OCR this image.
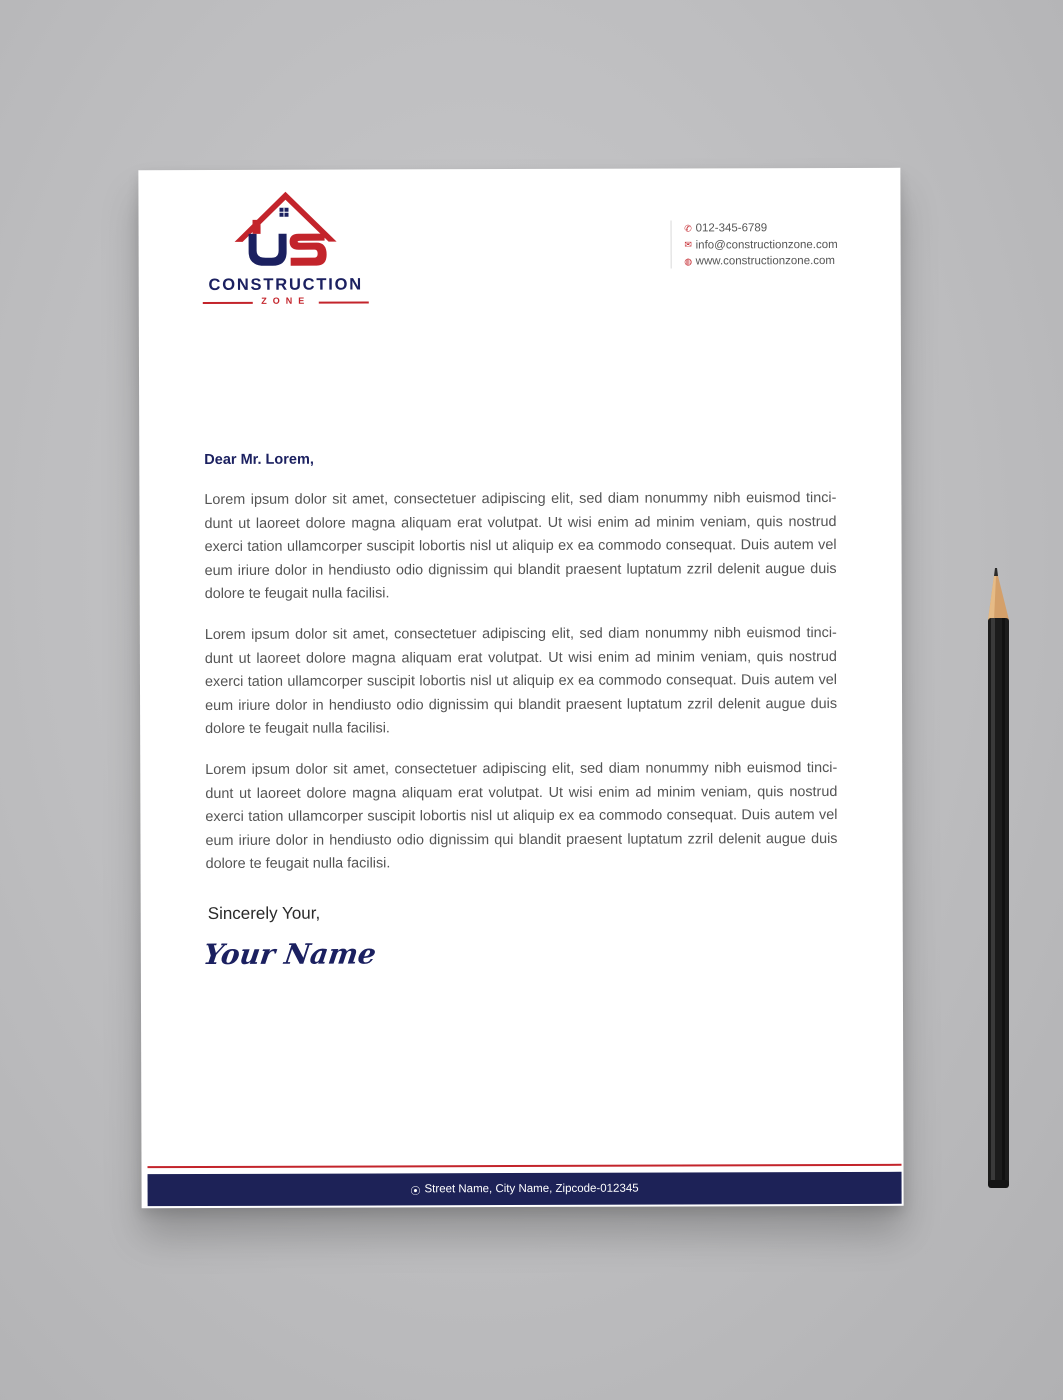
CONSTRUCTION
ZONE
✆ 012-345-6789
✉ info@constructionzone.com
◍ www.constructionzone.com
Dear Mr. Lorem,

Lorem ipsum dolor sit amet, consectetuer adipiscing elit, sed diam nonummy nibh euismod tinci-dunt ut laoreet dolore magna aliquam erat volutpat. Ut wisi enim ad minim veniam, quis nostrud exerci tation ullamcorper suscipit lobortis nisl ut aliquip ex ea commodo consequat. Duis autem vel eum iriure dolor in hendiusto odio dignissim qui blandit praesent luptatum zzril delenit augue duis dolore te feugait nulla facilisi.

Lorem ipsum dolor sit amet, consectetuer adipiscing elit, sed diam nonummy nibh euismod tinci-dunt ut laoreet dolore magna aliquam erat volutpat. Ut wisi enim ad minim veniam, quis nostrud exerci tation ullamcorper suscipit lobortis nisl ut aliquip ex ea commodo consequat. Duis autem vel eum iriure dolor in hendiusto odio dignissim qui blandit praesent luptatum zzril delenit augue duis dolore te feugait nulla facilisi.

Lorem ipsum dolor sit amet, consectetuer adipiscing elit, sed diam nonummy nibh euismod tinci-dunt ut laoreet dolore magna aliquam erat volutpat. Ut wisi enim ad minim veniam, quis nostrud exerci tation ullamcorper suscipit lobortis nisl ut aliquip ex ea commodo consequat. Duis autem vel eum iriure dolor in hendiusto odio dignissim qui blandit praesent luptatum zzril delenit augue duis dolore te feugait nulla facilisi.

Sincerely Your,
Your Name
⦿ Street Name, City Name, Zipcode-012345
